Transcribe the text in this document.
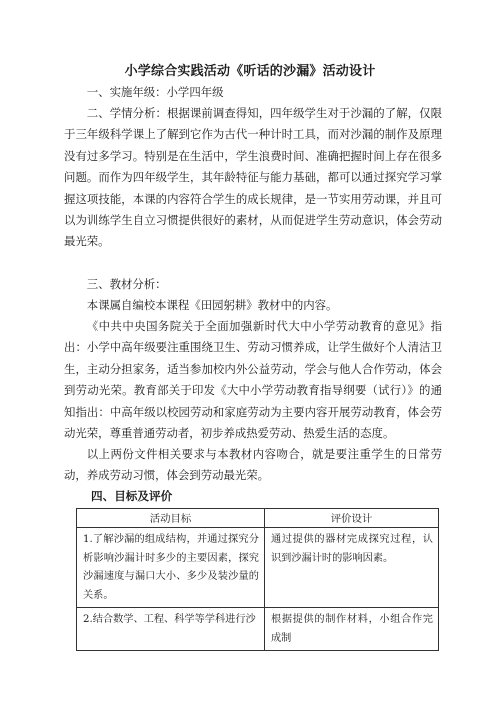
小学综合实践活动《听话的沙漏》活动设计

一、实施年级：小学四年级

二、学情分析：根据课前调查得知，四年级学生对于沙漏的了解，仅限于三年级科学课上了解到它作为古代一种计时工具，而对沙漏的制作及原理没有过多学习。特别是在生活中，学生浪费时间、准确把握时间上存在很多问题。而作为四年级学生，其年龄特征与能力基础，都可以通过探究学习掌握这项技能，本课的内容符合学生的成长规律，是一节实用劳动课，并且可以为训练学生自立习惯提供很好的素材，从而促进学生劳动意识，体会劳动最光荣。

三、教材分析：

本课属自编校本课程《田园躬耕》教材中的内容。

《中共中央国务院关于全面加强新时代大中小学劳动教育的意见》指出：小学中高年级要注重围绕卫生、劳动习惯养成，让学生做好个人清洁卫生，主动分担家务，适当参加校内外公益劳动，学会与他人合作劳动，体会到劳动光荣。教育部关于印发《大中小学劳动教育指导纲要（试行）》的通知指出：中高年级以校园劳动和家庭劳动为主要内容开展劳动教育，体会劳动光荣，尊重普通劳动者，初步养成热爱劳动、热爱生活的态度。

以上两份文件相关要求与本教材内容吻合，就是要注重学生的日常劳动，养成劳动习惯，体会到劳动最光荣。

四、目标及评价
活动目标	评价设计
1.了解沙漏的组成结构，并通过探究分析影响沙漏计时多少的主要因素，探究沙漏速度与漏口大小、多少及装沙量的关系。	通过提供的器材完成探究过程，认识到沙漏计时的影响因素。
2.结合数学、工程、科学等学科进行沙	根据提供的制作材料，小组合作完成制
